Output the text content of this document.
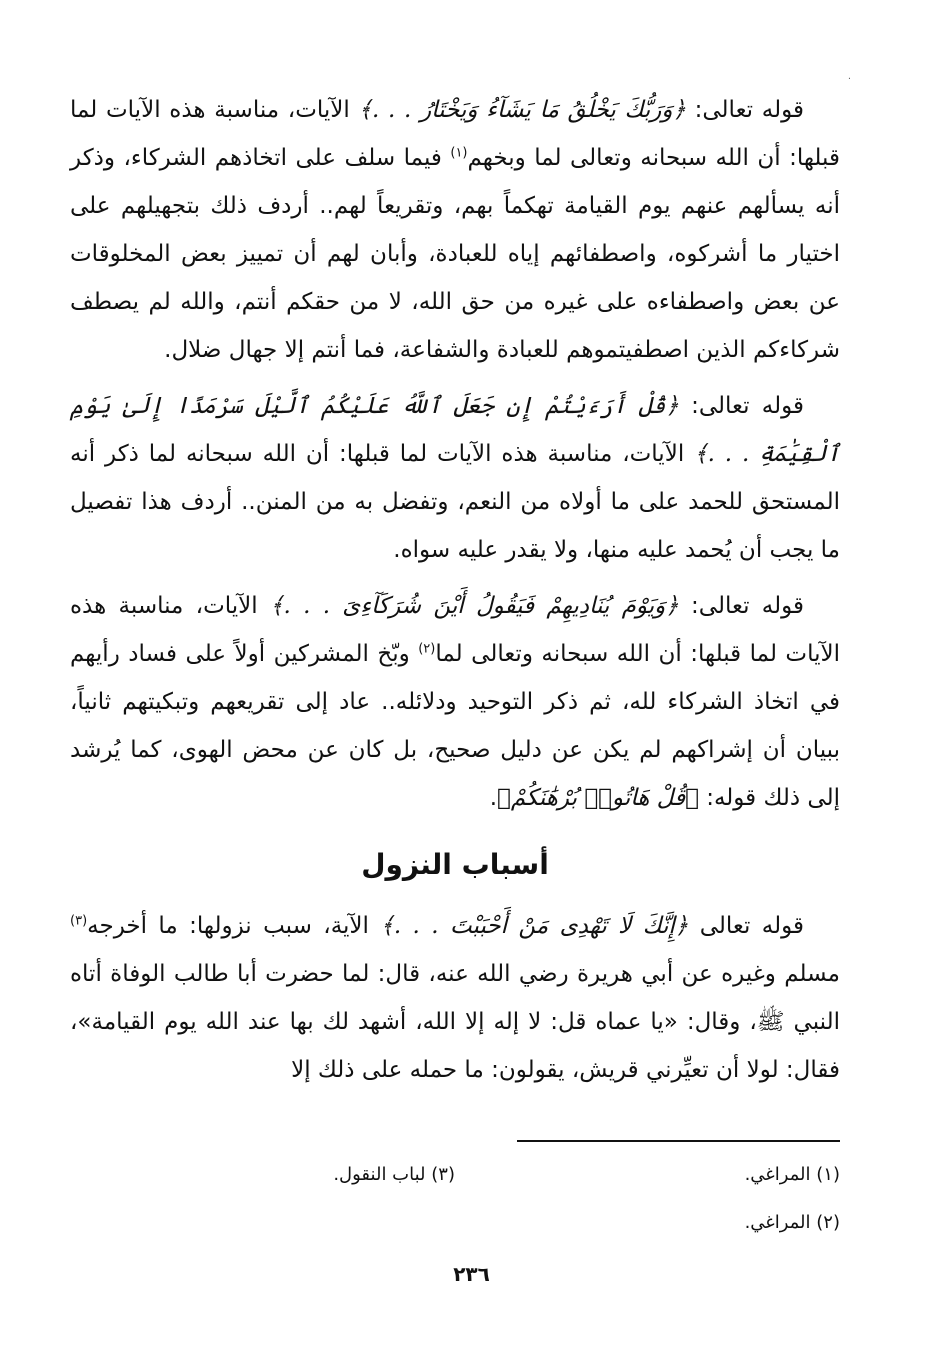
·

قوله تعالى: ﴿وَرَبُّكَ يَخْلُقُ مَا يَشَآءُ وَيَخْتَارُ . . .﴾ الآيات، مناسبة هذه الآيات لما قبلها: أن الله سبحانه وتعالى لما وبخهم$^{(١)}$ فيما سلف على اتخاذهم الشركاء، وذكر أنه يسألهم عنهم يوم القيامة تهكماً بهم، وتقريعاً لهم.. أردف ذلك بتجهيلهم على اختيار ما أشركوه، واصطفائهم إياه للعبادة، وأبان لهم أن تمييز بعض المخلوقات عن بعض واصطفاءه على غيره من حق الله، لا من حقكم أنتم، والله لم يصطف شركاءكم الذين اصطفيتموهم للعبادة والشفاعة، فما أنتم إلا جهال ضلال.

قوله تعالى: ﴿قُلْ أَرَءَيْتُمْ إِن جَعَلَ ٱللَّهُ عَلَيْكُمُ ٱلَّيْلَ سَرْمَدًا إِلَىٰ يَوْمِ ٱلْقِيَٰمَةِ . . .﴾ الآيات، مناسبة هذه الآيات لما قبلها: أن الله سبحانه لما ذكر أنه المستحق للحمد على ما أولاه من النعم، وتفضل به من المنن.. أردف هذا تفصيل ما يجب أن يُحمد عليه منها، ولا يقدر عليه سواه.

قوله تعالى: ﴿وَيَوْمَ يُنَادِيهِمْ فَيَقُولُ أَيْنَ شُرَكَآءِىَ . . .﴾ الآيات، مناسبة هذه الآيات لما قبلها: أن الله سبحانه وتعالى لما$^{(٢)}$ وبّخ المشركين أولاً على فساد رأيهم في اتخاذ الشركاء لله، ثم ذكر التوحيد ودلائله.. عاد إلى تقريعهم وتبكيتهم ثانياً، ببيان أن إشراكهم لم يكن عن دليل صحيح، بل كان عن محض الهوى، كما يُرشد إلى ذلك قوله: ﴿قُلْ هَاتُوا۟ بُرْهَٰنَكُمْ﴾.

أسباب النزول

قوله تعالى ﴿إِنَّكَ لَا تَهْدِى مَنْ أَحْبَبْتَ . . .﴾ الآية، سبب نزولها: ما أخرجه$^{(٣)}$ مسلم وغيره عن أبي هريرة رضي الله عنه، قال: لما حضرت أبا طالب الوفاة أتاه النبي ﷺ، وقال: «يا عماه قل: لا إله إلا الله، أشهد لك بها عند الله يوم القيامة»، فقال: لولا أن تعيِّرني قريش، يقولون: ما حمله على ذلك إلا

(١) المراغي.
(٣) لباب النقول.
(٢) المراغي.
٢٣٦
